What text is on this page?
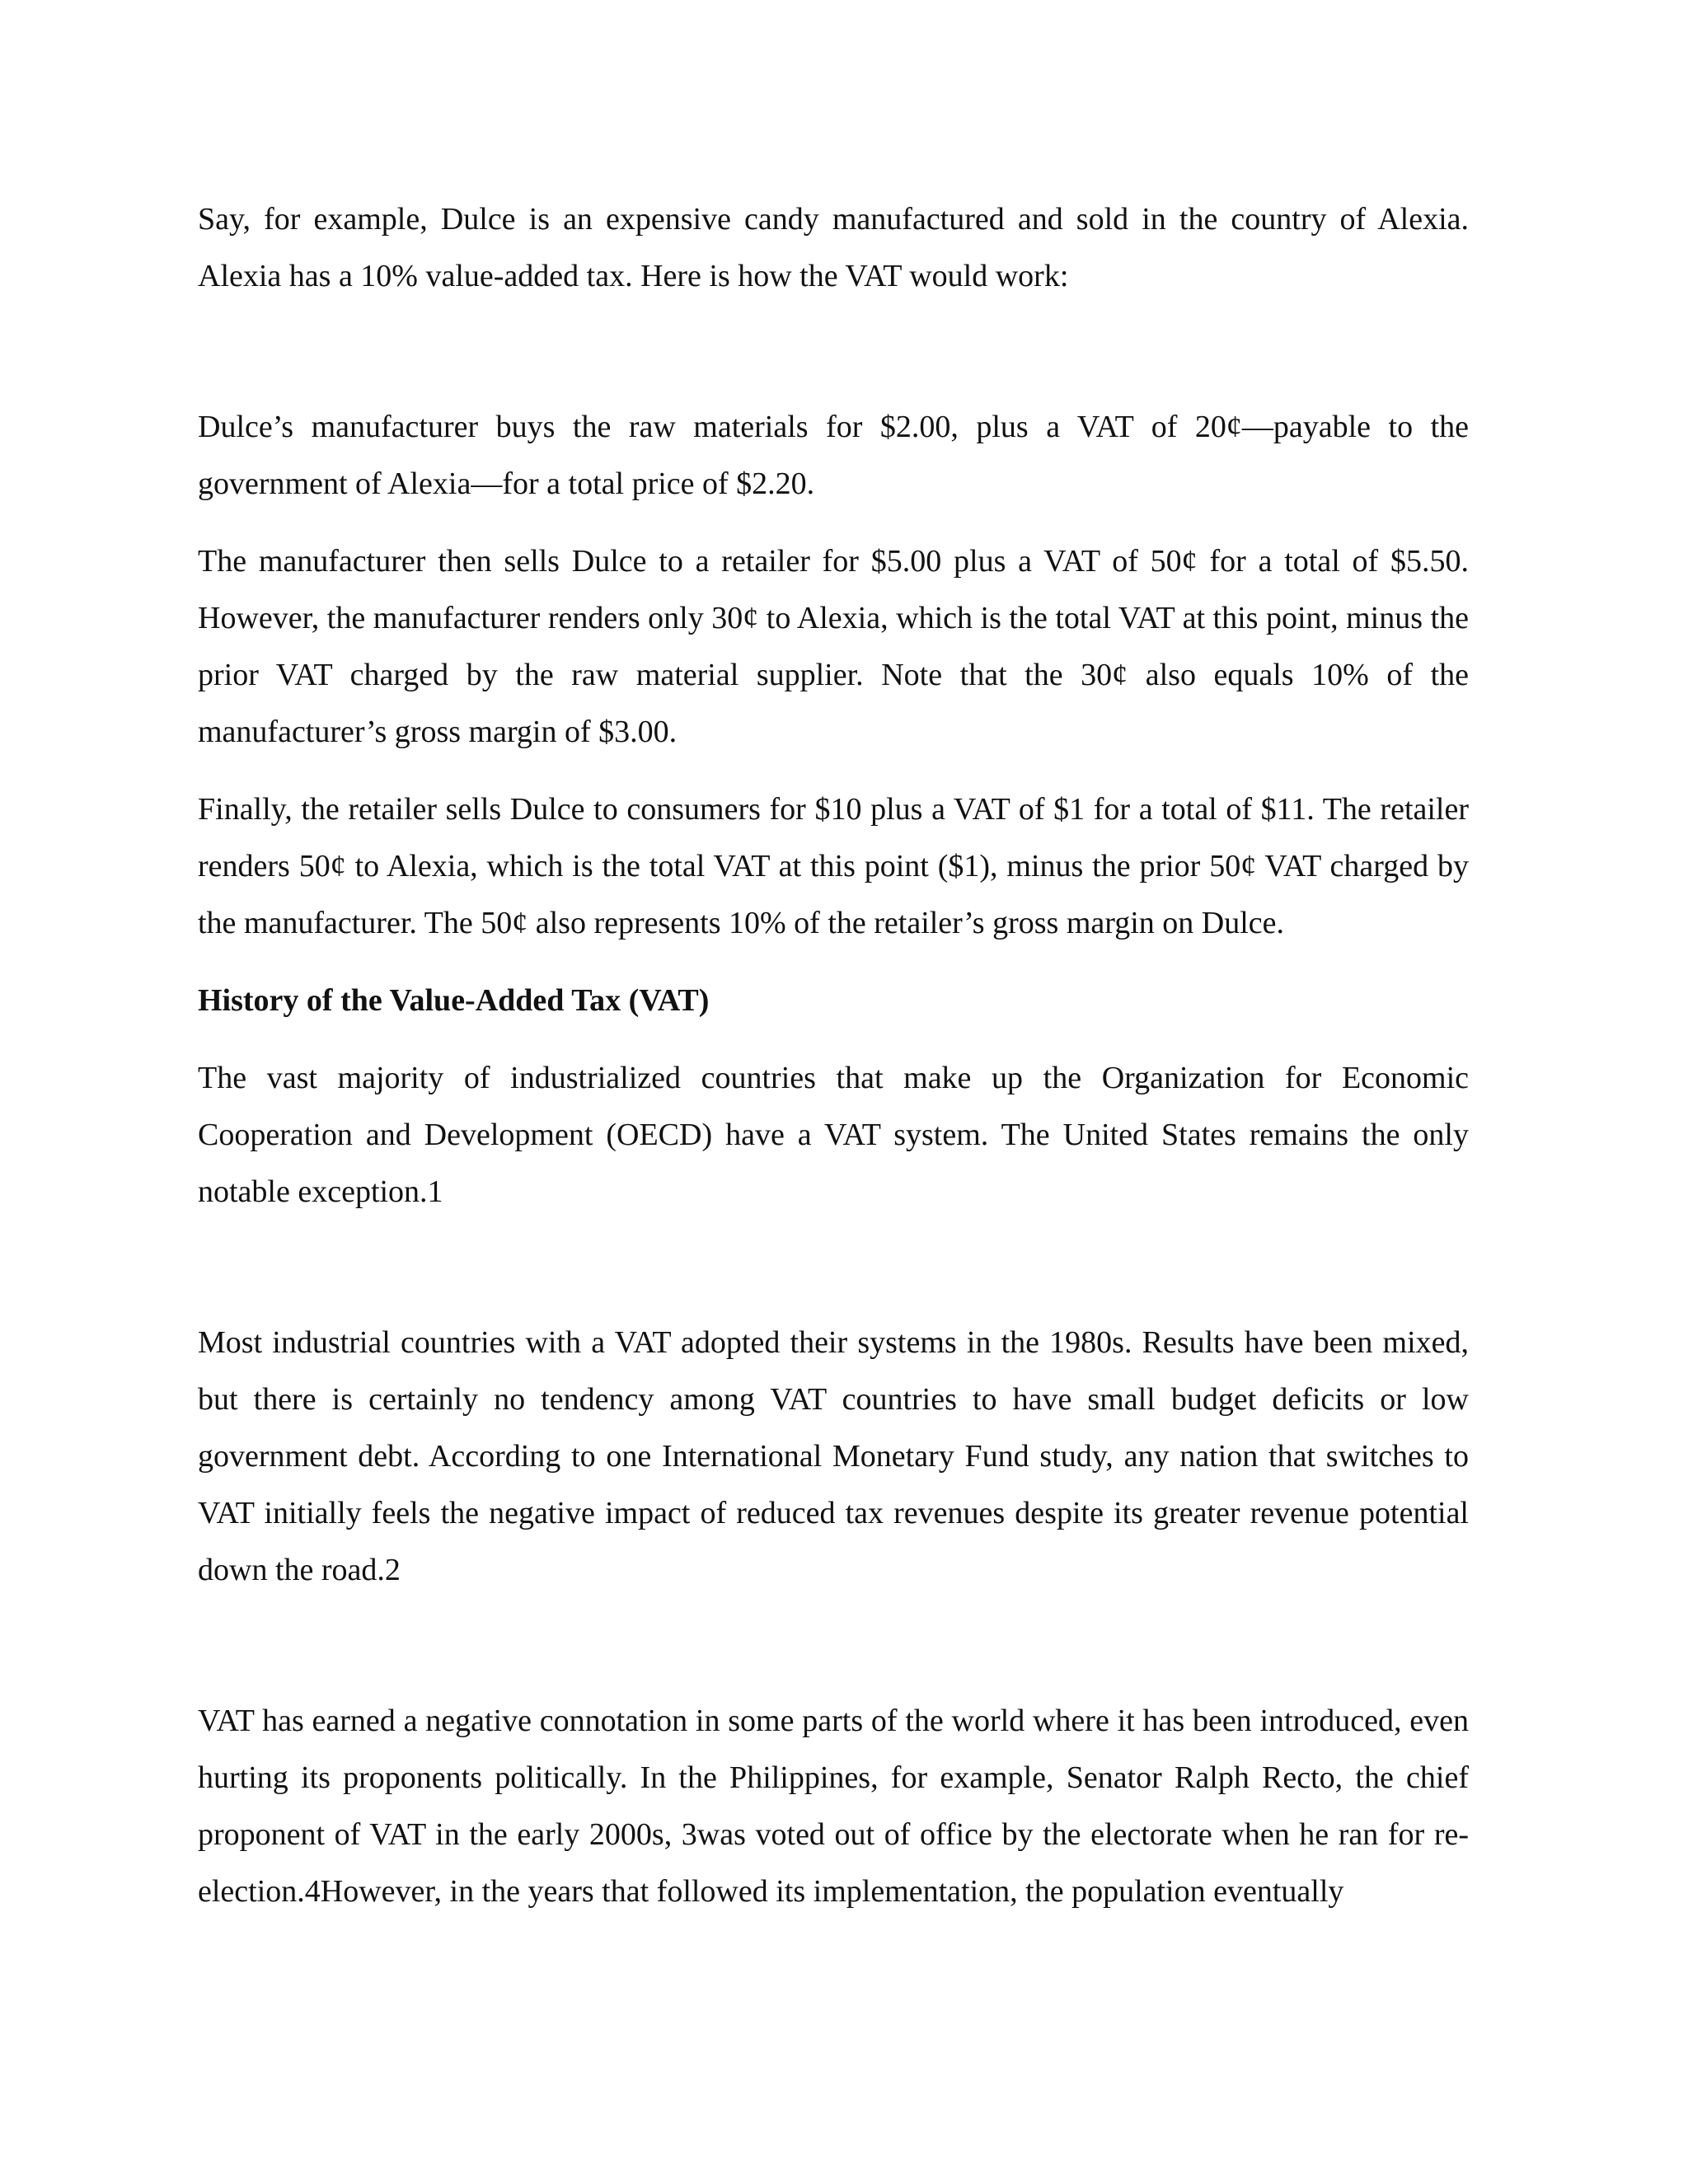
Say, for example, Dulce is an expensive candy manufactured and sold in the country of Alexia. Alexia has a 10% value-added tax. Here is how the VAT would work:

Dulce’s manufacturer buys the raw materials for $2.00, plus a VAT of 20¢—payable to the government of Alexia—for a total price of $2.20.

The manufacturer then sells Dulce to a retailer for $5.00 plus a VAT of 50¢ for a total of $5.50. However, the manufacturer renders only 30¢ to Alexia, which is the total VAT at this point, minus the prior VAT charged by the raw material supplier. Note that the 30¢ also equals 10% of the manufacturer’s gross margin of $3.00.

Finally, the retailer sells Dulce to consumers for $10 plus a VAT of $1 for a total of $11. The retailer renders 50¢ to Alexia, which is the total VAT at this point ($1), minus the prior 50¢ VAT charged by the manufacturer. The 50¢ also represents 10% of the retailer’s gross margin on Dulce.

History of the Value-Added Tax (VAT)

The vast majority of industrialized countries that make up the Organization for Economic Cooperation and Development (OECD) have a VAT system. The United States remains the only notable exception.1

Most industrial countries with a VAT adopted their systems in the 1980s. Results have been mixed, but there is certainly no tendency among VAT countries to have small budget deficits or low government debt. According to one International Monetary Fund study, any nation that switches to VAT initially feels the negative impact of reduced tax revenues despite its greater revenue potential down the road.2

VAT has earned a negative connotation in some parts of the world where it has been introduced, even hurting its proponents politically. In the Philippines, for example, Senator Ralph Recto, the chief proponent of VAT in the early 2000s, 3was voted out of office by the electorate when he ran for re-election.4However, in the years that followed its implementation, the population eventually
